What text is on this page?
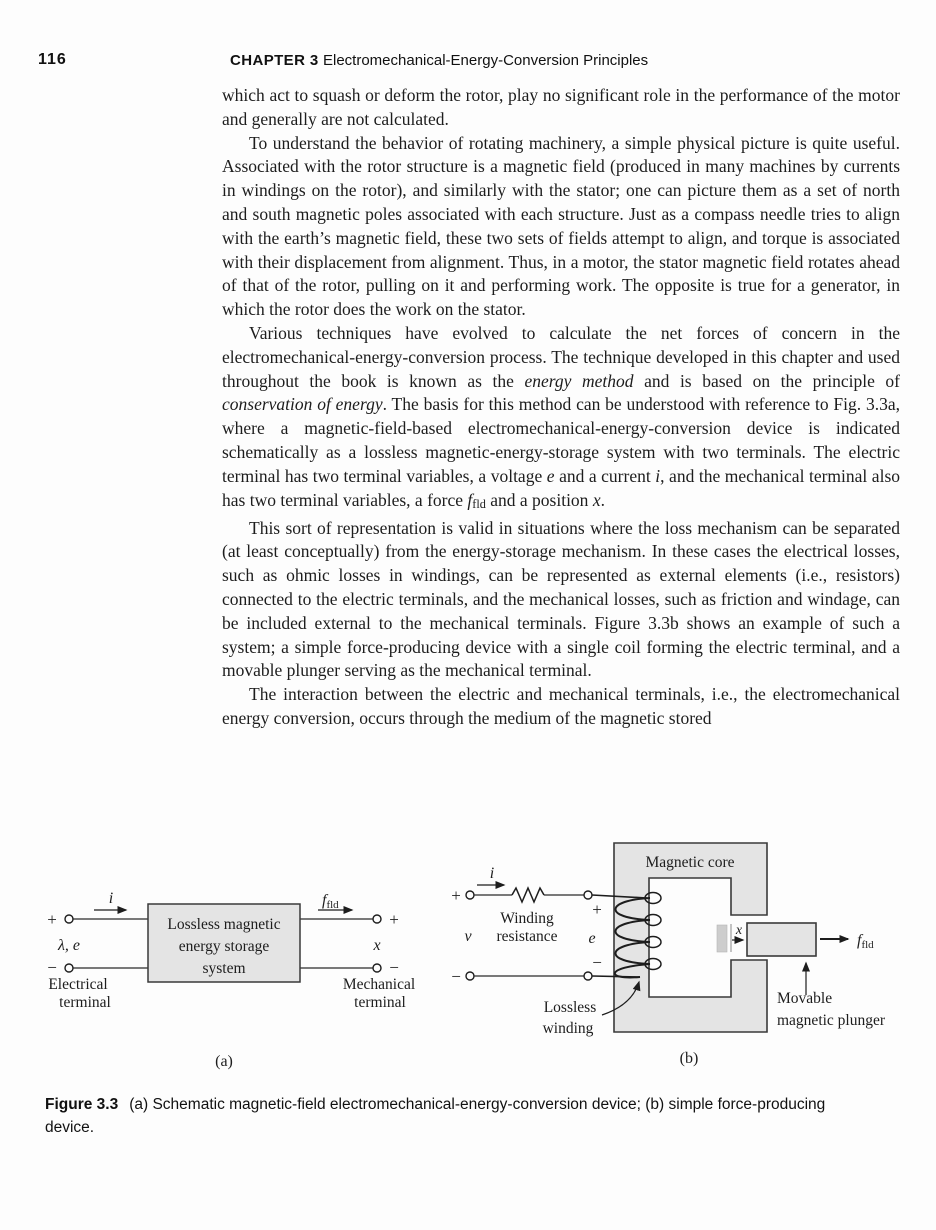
116	CHAPTER 3 Electromechanical-Energy-Conversion Principles

which act to squash or deform the rotor, play no significant role in the performance of the motor and generally are not calculated.

To understand the behavior of rotating machinery, a simple physical picture is quite useful. Associated with the rotor structure is a magnetic field (produced in many machines by currents in windings on the rotor), and similarly with the stator; one can picture them as a set of north and south magnetic poles associated with each structure. Just as a compass needle tries to align with the earth’s magnetic field, these two sets of fields attempt to align, and torque is associated with their displacement from alignment. Thus, in a motor, the stator magnetic field rotates ahead of that of the rotor, pulling on it and performing work. The opposite is true for a generator, in which the rotor does the work on the stator.

Various techniques have evolved to calculate the net forces of concern in the electromechanical-energy-conversion process. The technique developed in this chapter and used throughout the book is known as the energy method and is based on the principle of conservation of energy. The basis for this method can be understood with reference to Fig. 3.3a, where a magnetic-field-based electromechanical-energy-conversion device is indicated schematically as a lossless magnetic-energy-storage system with two terminals. The electric terminal has two terminal variables, a voltage e and a current i, and the mechanical terminal also has two terminal variables, a force ffld and a position x.

This sort of representation is valid in situations where the loss mechanism can be separated (at least conceptually) from the energy-storage mechanism. In these cases the electrical losses, such as ohmic losses in windings, can be represented as external elements (i.e., resistors) connected to the electric terminals, and the mechanical losses, such as friction and windage, can be included external to the mechanical terminals. Figure 3.3b shows an example of such a system; a simple force-producing device with a single coil forming the electric terminal, and a movable plunger serving as the mechanical terminal.

The interaction between the electric and mechanical terminals, i.e., the electromechanical energy conversion, occurs through the medium of the magnetic stored

i
+
−
λ, e
Lossless magnetic
energy storage
system
ffld
+
−
x
Electrical
terminal
Mechanical
terminal
(a)
Magnetic core
+
i
Winding
resistance
v
+
e
−
−
Lossless
winding
x
ffld
Movable
magnetic plunger
(b)
Figure 3.3 (a) Schematic magnetic-field electromechanical-energy-conversion device; (b) simple force-producing device.
